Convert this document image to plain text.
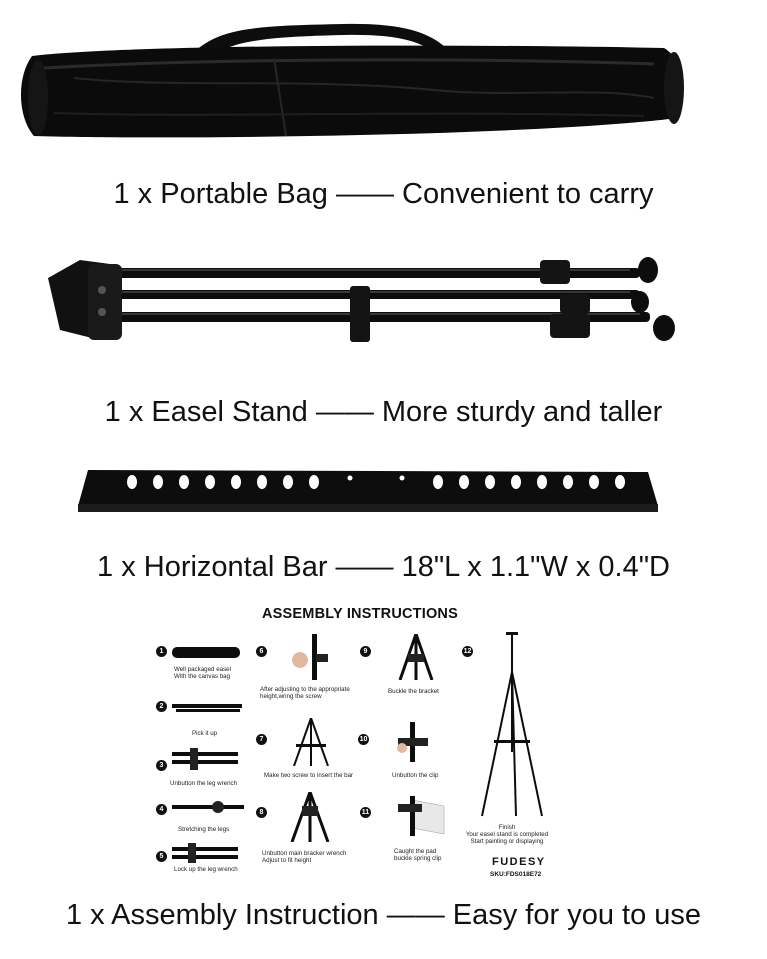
1 x Portable Bag —— Convenient to carry
1 x Easel Stand —— More sturdy and taller
1 x Horizontal Bar —— 18"L x 1.1"W x 0.4"D
ASSEMBLY INSTRUCTIONS
1
Well packaged easel
With the canvas bag
2
Pick it up
3
Unbutton the leg wrench
4
Stretching the legs
5
Lock up the leg wrench
6
After adjusting to the appropriate
height,wring the screw
7
Make two screw to insert the bar
8
Unbutton main bracker wrench
Adjust to fit height
9
Buckle the bracket
10
Unbutton the clip
11
Caught the pad
buckle spring clip
12
Finish
Your easel stand is completed
Start painting or displaying
FUDESY
SKU:FDS018E72
1 x Assembly Instruction —— Easy for you to use
